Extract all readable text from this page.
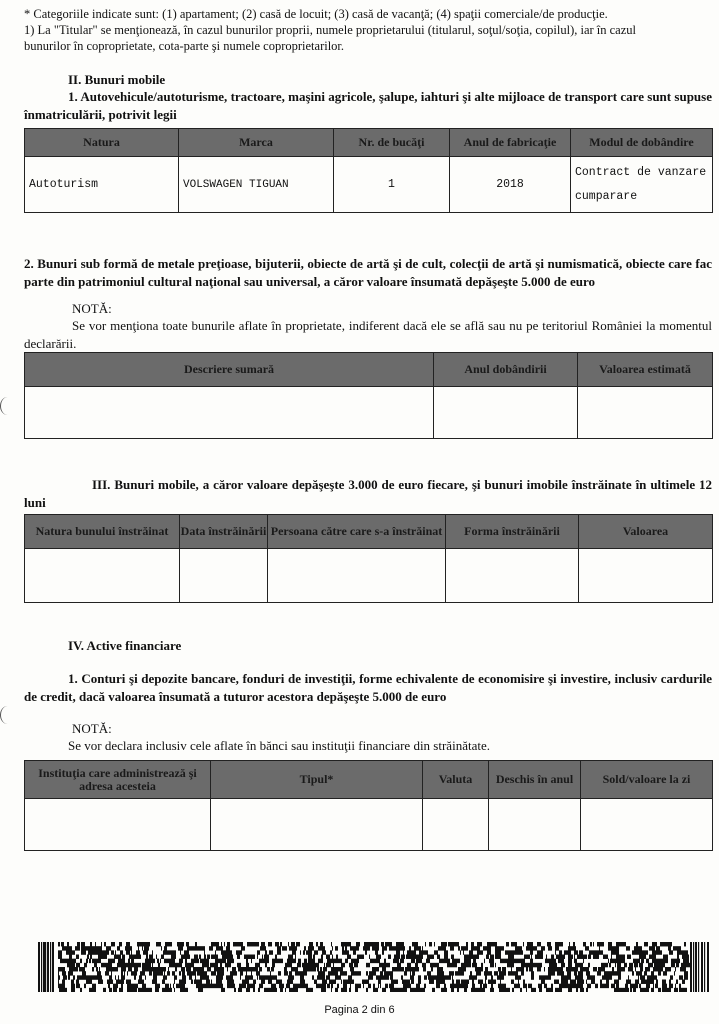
* Categoriile indicate sunt: (1) apartament; (2) casă de locuit; (3) casă de vacanţă; (4) spaţii comerciale/de producţie.
1) La "Titular" se menţionează, în cazul bunurilor proprii, numele proprietarului (titularul, soţul/soţia, copilul), iar în cazul
bunurilor în coproprietate, cota-parte şi numele coproprietarilor.
II. Bunuri mobile
1. Autovehicule/autoturisme, tractoare, maşini agricole, şalupe, iahturi şi alte mijloace de transport care sunt supuse înmatriculării, potrivit legii
Natura	Marca	Nr. de bucăţi	Anul de fabricaţie	Modul de dobândire
Autoturism	VOLSWAGEN TIGUAN	1	2018	Contract de vanzare cumparare
2. Bunuri sub formă de metale preţioase, bijuterii, obiecte de artă şi de cult, colecţii de artă şi numismatică, obiecte care fac parte din patrimoniul cultural naţional sau universal, a căror valoare însumată depăşeşte 5.000 de euro
NOTĂ:
Se vor menţiona toate bunurile aflate în proprietate, indiferent dacă ele se află sau nu pe teritoriul României la momentul declarării.
Descriere sumară	Anul dobândirii	Valoarea estimată

III. Bunuri mobile, a căror valoare depăşeşte 3.000 de euro fiecare, şi bunuri imobile înstrăinate în ultimele 12 luni
Natura bunului înstrăinat	Data înstrăinării	Persoana către care s-a înstrăinat	Forma înstrăinării	Valoarea

IV. Active financiare
1. Conturi şi depozite bancare, fonduri de investiţii, forme echivalente de economisire şi investire, inclusiv cardurile de credit, dacă valoarea însumată a tuturor acestora depăşeşte 5.000 de euro
NOTĂ:
Se vor declara inclusiv cele aflate în bănci sau instituţii financiare din străinătate.
Instituţia care administrează şi adresa acesteia	Tipul*	Valuta	Deschis în anul	Sold/valoare la zi

Pagina 2 din 6
